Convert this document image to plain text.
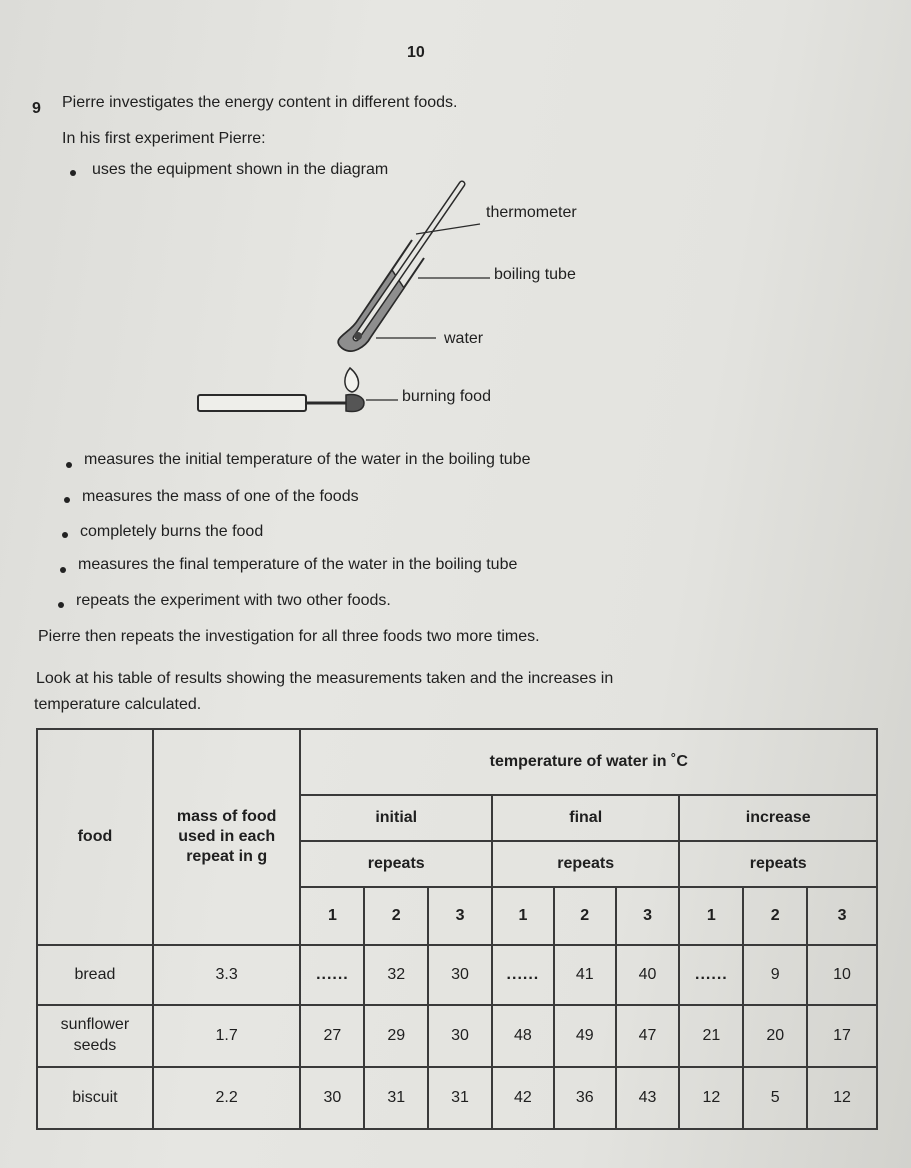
10
9 Pierre investigates the energy content in different foods.
In his first experiment Pierre:
uses the equipment shown in the diagram
thermometer
boiling tube
water
burning food
measures the initial temperature of the water in the boiling tube
measures the mass of one of the foods
completely burns the food
measures the final temperature of the water in the boiling tube
repeats the experiment with two other foods.
Pierre then repeats the investigation for all three foods two more times.
Look at his table of results showing the measurements taken and the increases in
temperature calculated.
food	mass of food used in each repeat in g	temperature of water in ˚C								
		initial			final			increase		
		repeats			repeats			repeats		
		1	2	3	1	2	3	1	2	3
bread	3.3	......	32	30	......	41	40	......	9	10
sunflower seeds	1.7	27	29	30	48	49	47	21	20	17
biscuit	2.2	30	31	31	42	36	43	12	5	12
